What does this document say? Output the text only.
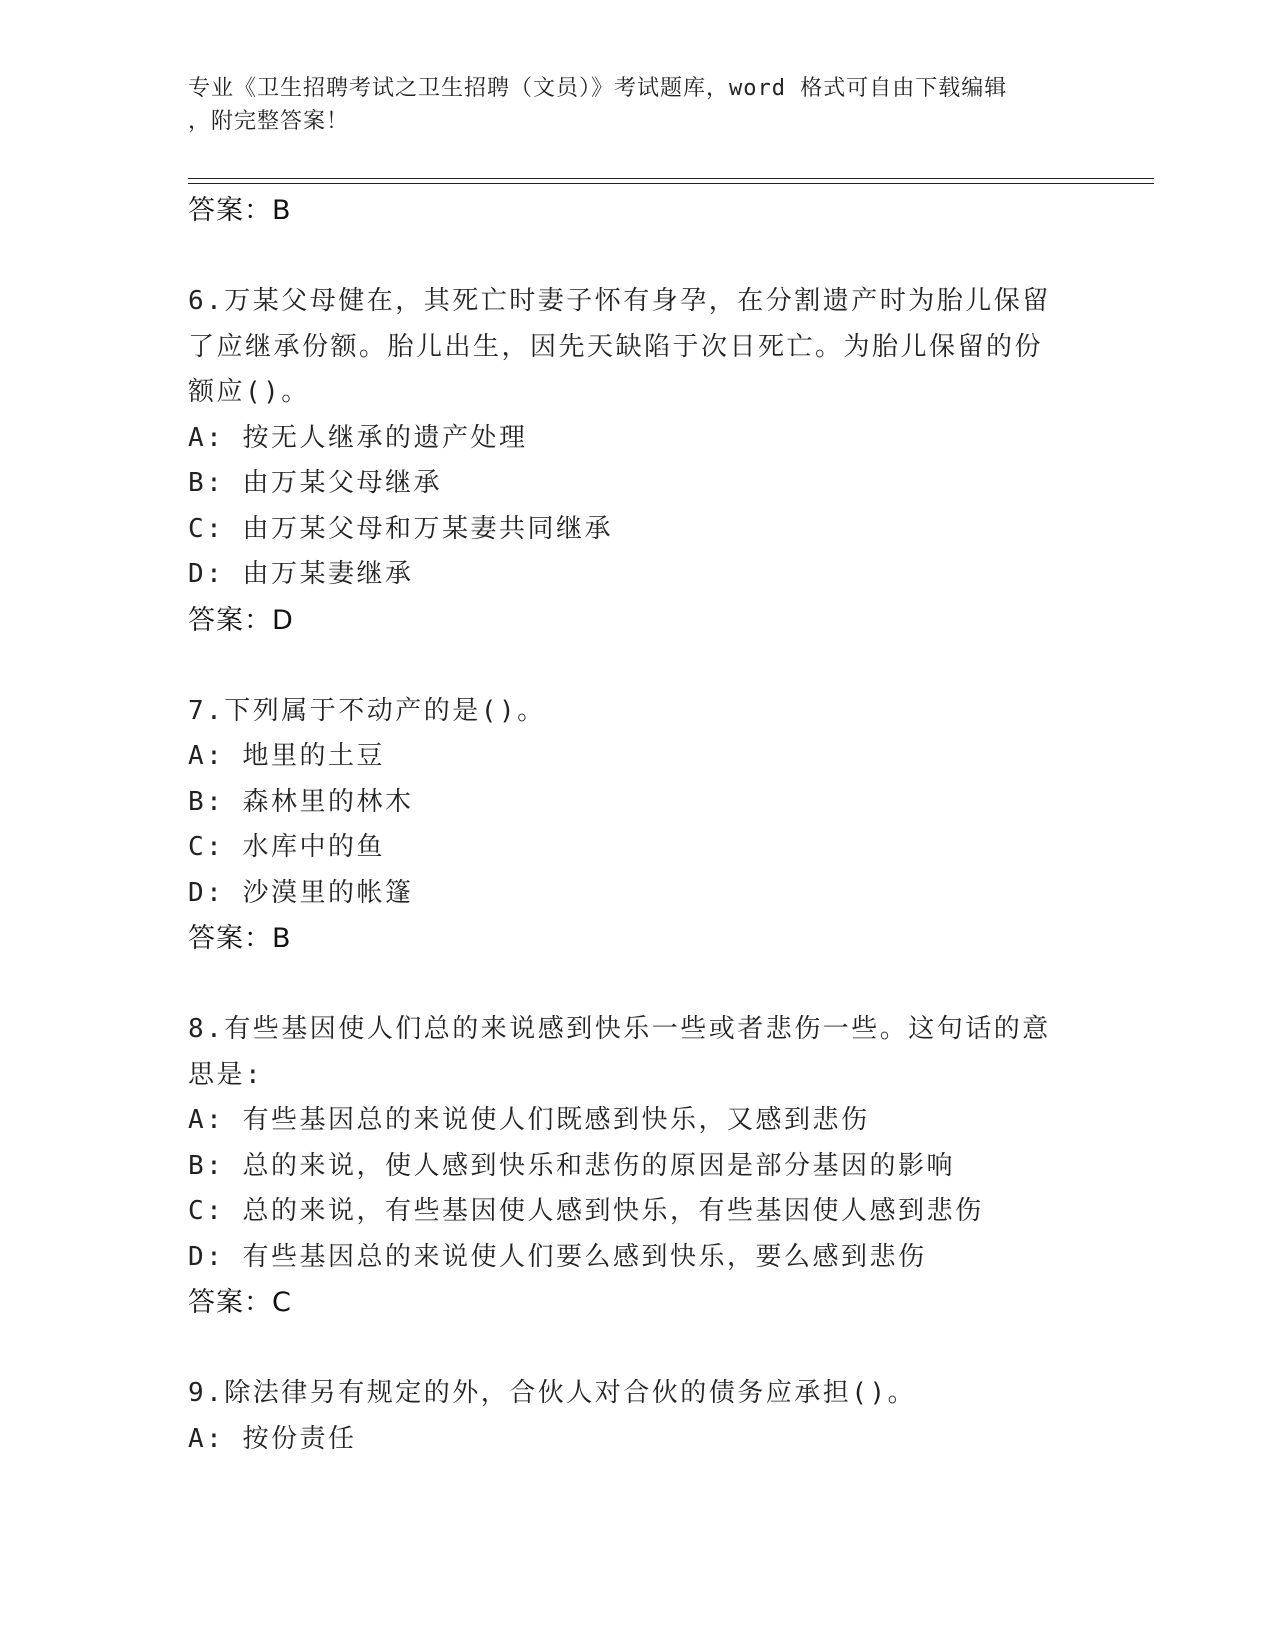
专业《卫生招聘考试之卫生招聘（文员）》考试题库，word 格式可自由下载编辑
，附完整答案！
答案：B
6.万某父母健在，其死亡时妻子怀有身孕，在分割遗产时为胎儿保留
了应继承份额。胎儿出生，因先天缺陷于次日死亡。为胎儿保留的份
额应()。
A: 按无人继承的遗产处理
B: 由万某父母继承
C: 由万某父母和万某妻共同继承
D: 由万某妻继承
答案：D
7.下列属于不动产的是()。
A: 地里的土豆
B: 森林里的林木
C: 水库中的鱼
D: 沙漠里的帐篷
答案：B
8.有些基因使人们总的来说感到快乐一些或者悲伤一些。这句话的意
思是:
A: 有些基因总的来说使人们既感到快乐，又感到悲伤
B: 总的来说，使人感到快乐和悲伤的原因是部分基因的影响
C: 总的来说，有些基因使人感到快乐，有些基因使人感到悲伤
D: 有些基因总的来说使人们要么感到快乐，要么感到悲伤
答案：C
9.除法律另有规定的外，合伙人对合伙的债务应承担()。
A: 按份责任
